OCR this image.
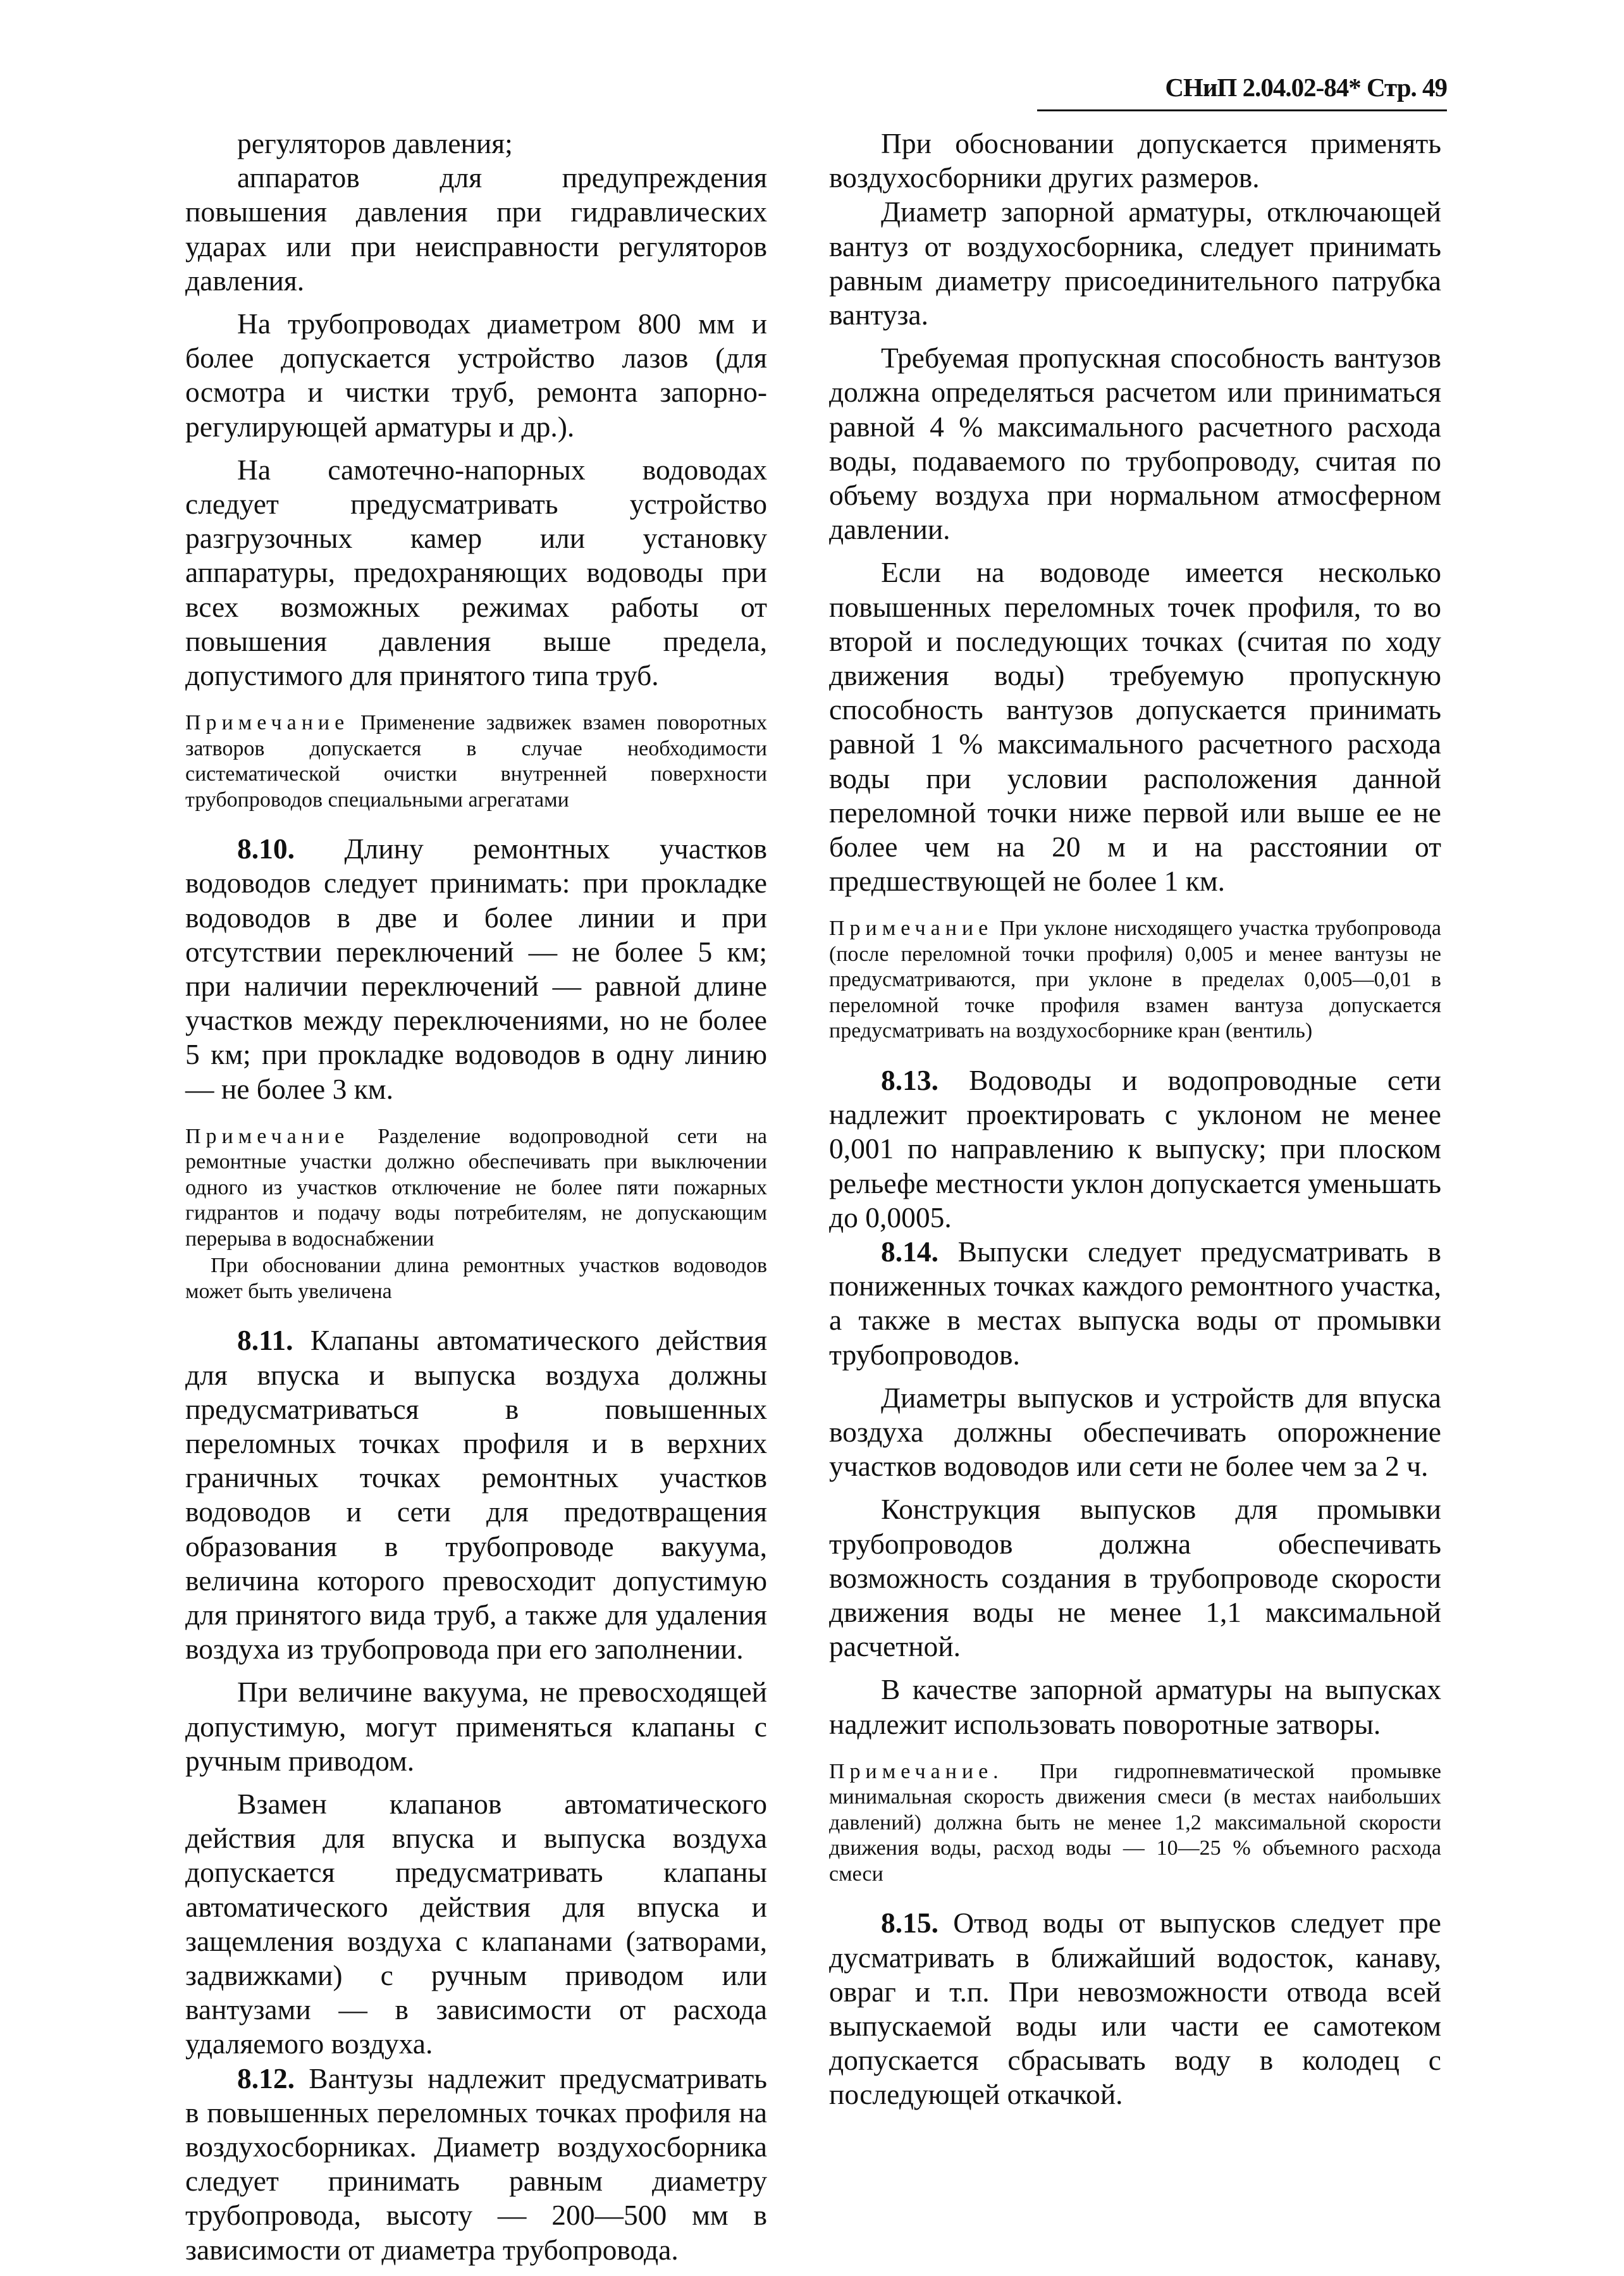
СНиП 2.04.02-84* Стр. 49

регуляторов давления;

аппаратов для предупреждения повышения давления при гидравлических ударах или при неисправности регуляторов давления.

На трубопроводах диаметром 800 мм и более допускается устройство лазов (для осмотра и чистки труб, ремонта запорно-регулирующей арматуры и др.).

На самотечно-напорных водоводах следует предусматривать устройство разгрузочных камер или установку аппаратуры, предохраняющих водоводы при всех возможных режимах работы от повышения давления выше предела, допустимого для принятого типа труб.

Примечание Применение задвижек взамен поворотных затворов допускается в случае необходимости систематической очистки внутренней поверхности трубопроводов специальными агрегатами

8.10. Длину ремонтных участков водоводов следует принимать: при прокладке водоводов в две и более линии и при отсутствии переключений — не более 5 км; при наличии переключений — равной длине участков между переключениями, но не более 5 км; при прокладке водоводов в одну линию — не более 3 км.

Примечание Разделение водопроводной сети на ремонтные участки должно обеспечивать при выключении одного из участков отключение не более пяти пожарных гидрантов и подачу воды потребителям, не допускающим перерыва в водоснабжении

При обосновании длина ремонтных участков водоводов может быть увеличена

8.11. Клапаны автоматического действия для впуска и выпуска воздуха должны предусматриваться в повышенных переломных точках профиля и в верхних граничных точках ремонтных участков водоводов и сети для предотвращения образования в трубопроводе вакуума, величина которого превосходит допустимую для принятого вида труб, а также для удаления воздуха из трубопровода при его заполнении.

При величине вакуума, не превосходящей допустимую, могут применяться клапаны с ручным приводом.

Взамен клапанов автоматического действия для впуска и выпуска воздуха допускается предусматривать клапаны автоматического действия для впуска и защемления воздуха с клапанами (затворами, задвижками) с ручным приводом или вантузами — в зависимости от расхода удаляемого воздуха.

8.12. Вантузы надлежит предусматривать в повышенных переломных точках профиля на воздухосборниках. Диаметр воздухосборника следует принимать равным диаметру трубопровода, высоту — 200—500 мм в зависимости от диаметра трубопровода.

При обосновании допускается применять воздухосборники других размеров.

Диаметр запорной арматуры, отключающей вантуз от воздухосборника, следует принимать равным диаметру присоединительного патрубка вантуза.

Требуемая пропускная способность вантузов должна определяться расчетом или приниматься равной 4 % максимального расчетного расхода воды, подаваемого по трубопроводу, считая по объему воздуха при нормальном атмосферном давлении.

Если на водоводе имеется несколько повышенных переломных точек профиля, то во второй и последующих точках (считая по ходу движения воды) требуемую пропускную способность вантузов допускается принимать равной 1 % максимального расчетного расхода воды при условии расположения данной переломной точки ниже первой или выше ее не более чем на 20 м и на расстоянии от предшествующей не более 1 км.

Примечание При уклоне нисходящего участка трубопровода (после переломной точки профиля) 0,005 и менее вантузы не предусматриваются, при уклоне в пределах 0,005—0,01 в переломной точке профиля взамен вантуза допускается предусматривать на воздухосборнике кран (вентиль)

8.13. Водоводы и водопроводные сети надлежит проектировать с уклоном не менее 0,001 по направлению к выпуску; при плоском рельефе местности уклон допускается уменьшать до 0,0005.

8.14. Выпуски следует предусматривать в пониженных точках каждого ремонтного участка, а также в местах выпуска воды от промывки трубопроводов.

Диаметры выпусков и устройств для впуска воздуха должны обеспечивать опорожнение участков водоводов или сети не более чем за 2 ч.

Конструкция выпусков для промывки трубопроводов должна обеспечивать возможность создания в трубопроводе скорости движения воды не менее 1,1 максимальной расчетной.

В качестве запорной арматуры на выпусках надлежит использовать поворотные затворы.

Примечание. При гидропневматической промывке минимальная скорость движения смеси (в местах наибольших давлений) должна быть не менее 1,2 максимальной скорости движения воды, расход воды — 10—25 % объемного расхода смеси

8.15. Отвод воды от выпусков следует пре дусматривать в ближайший водосток, канаву, овраг и т.п. При невозможности отвода всей выпускаемой воды или части ее самотеком допускается сбрасывать воду в колодец с последующей откачкой.
